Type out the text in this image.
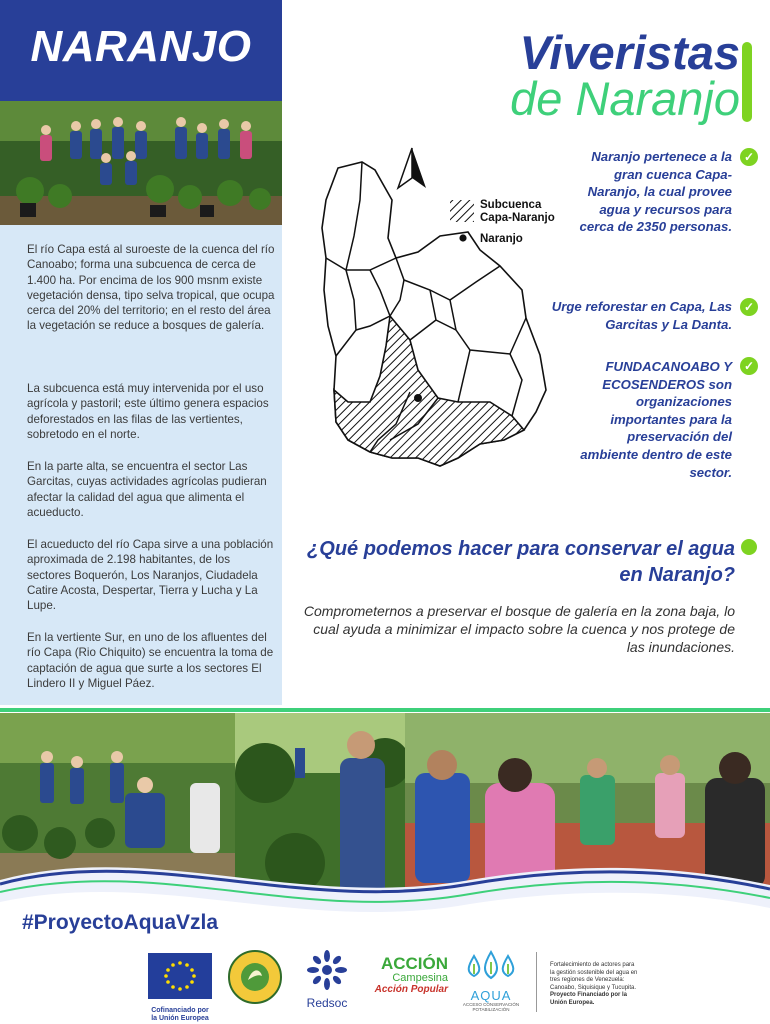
NARANJO

El río Capa está al suroeste de la cuenca del río Canoabo; forma una subcuenca de cerca de 1.400 ha. Por encima de los 900 msnm existe vegetación densa, tipo selva tropical, que ocupa cerca del 20% del territorio; en el resto del área la vegetación se reduce a bosques de galería.

La subcuenca está muy intervenida por el uso agrícola y pastoril; este último genera espacios deforestados en las filas de las vertientes, sobretodo en el norte.

En la parte alta, se encuentra el sector Las Garcitas, cuyas actividades agrícolas pudieran afectar la calidad del agua que alimenta el acueducto.

El acueducto del río Capa sirve a una población aproximada de 2.198 habitantes, de los sectores Boquerón, Los Naranjos, Ciudadela Catire Acosta, Despertar, Tierra y Lucha y La Lupe.

En la vertiente Sur, en uno de los afluentes del río Capa (Rio Chiquito) se encuentra la toma de captación de agua que surte a los sectores El Lindero II y Miguel Páez.

Viveristas
de Naranjo
Subcuenca Capa-Naranjo
Naranjo
Naranjo pertenece a la gran cuenca Capa-Naranjo, la cual provee agua y recursos para cerca de 2350 personas.
✓
Urge reforestar en Capa, Las Garcitas y La Danta.
✓
FUNDACANOABO Y ECOSENDEROS son organizaciones importantes para la preservación del ambiente dentro de este sector.
✓
¿Qué podemos hacer para conservar el agua en Naranjo?
Comprometernos a preservar el bosque de galería en la zona baja, lo cual ayuda a minimizar el impacto sobre la cuenca y nos protege de las inundaciones.
#ProyectoAquaVzla
Cofinanciado por la Unión Europea
Redsoc
ACCIÓN
Campesina
Acción Popular	AQUA
ACCESO CONSERVACIÓN POTABILIZACIÓN
Fortalecimiento de actores para la gestión sostenible del agua en tres regiones de Venezuela: Canoabo, Siquisique y Tucupita.
Proyecto Financiado por la Unión Europea.
